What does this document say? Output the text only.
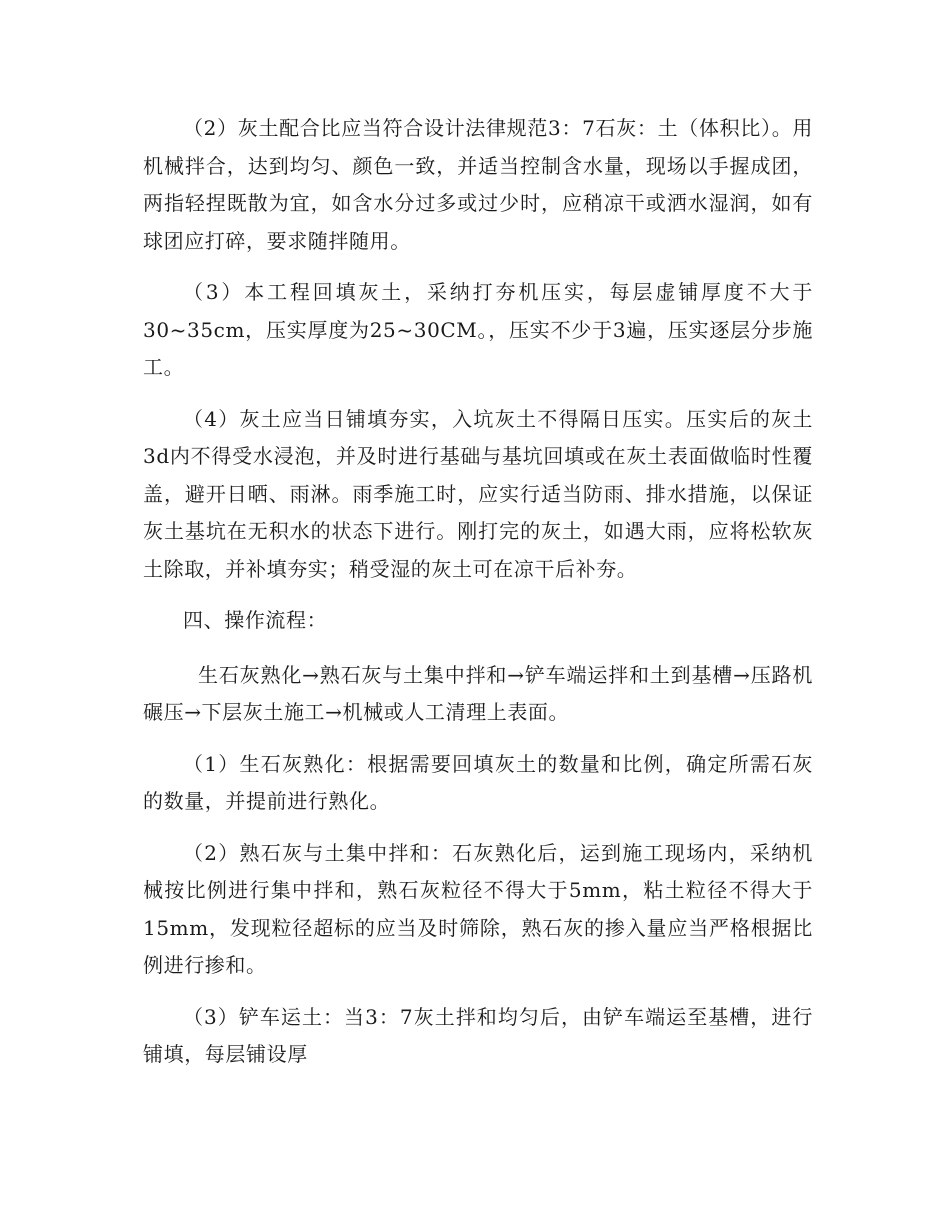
（2）灰土配合比应当符合设计法律规范3：7石灰：土（体积比）。用机械拌合，达到均匀、颜色一致，并适当控制含水量，现场以手握成团，两指轻捏既散为宜，如含水分过多或过少时，应稍凉干或洒水湿润，如有球团应打碎，要求随拌随用。

（3）本工程回填灰土，采纳打夯机压实，每层虚铺厚度不大于30~35cm，压实厚度为25~30CM。，压实不少于3遍，压实逐层分步施工。

（4）灰土应当日铺填夯实，入坑灰土不得隔日压实。压实后的灰土3d内不得受水浸泡，并及时进行基础与基坑回填或在灰土表面做临时性覆盖，避开日晒、雨淋。雨季施工时，应实行适当防雨、排水措施，以保证灰土基坑在无积水的状态下进行。刚打完的灰土，如遇大雨，应将松软灰土除取，并补填夯实；稍受湿的灰土可在凉干后补夯。

四、操作流程：

生石灰熟化→熟石灰与土集中拌和→铲车端运拌和土到基槽→压路机碾压→下层灰土施工→机械或人工清理上表面。

（1）生石灰熟化：根据需要回填灰土的数量和比例，确定所需石灰的数量，并提前进行熟化。

（2）熟石灰与土集中拌和：石灰熟化后，运到施工现场内，采纳机械按比例进行集中拌和，熟石灰粒径不得大于5mm，粘土粒径不得大于15mm，发现粒径超标的应当及时筛除，熟石灰的掺入量应当严格根据比例进行掺和。

（3）铲车运土：当3：7灰土拌和均匀后，由铲车端运至基槽，进行铺填，每层铺设厚
